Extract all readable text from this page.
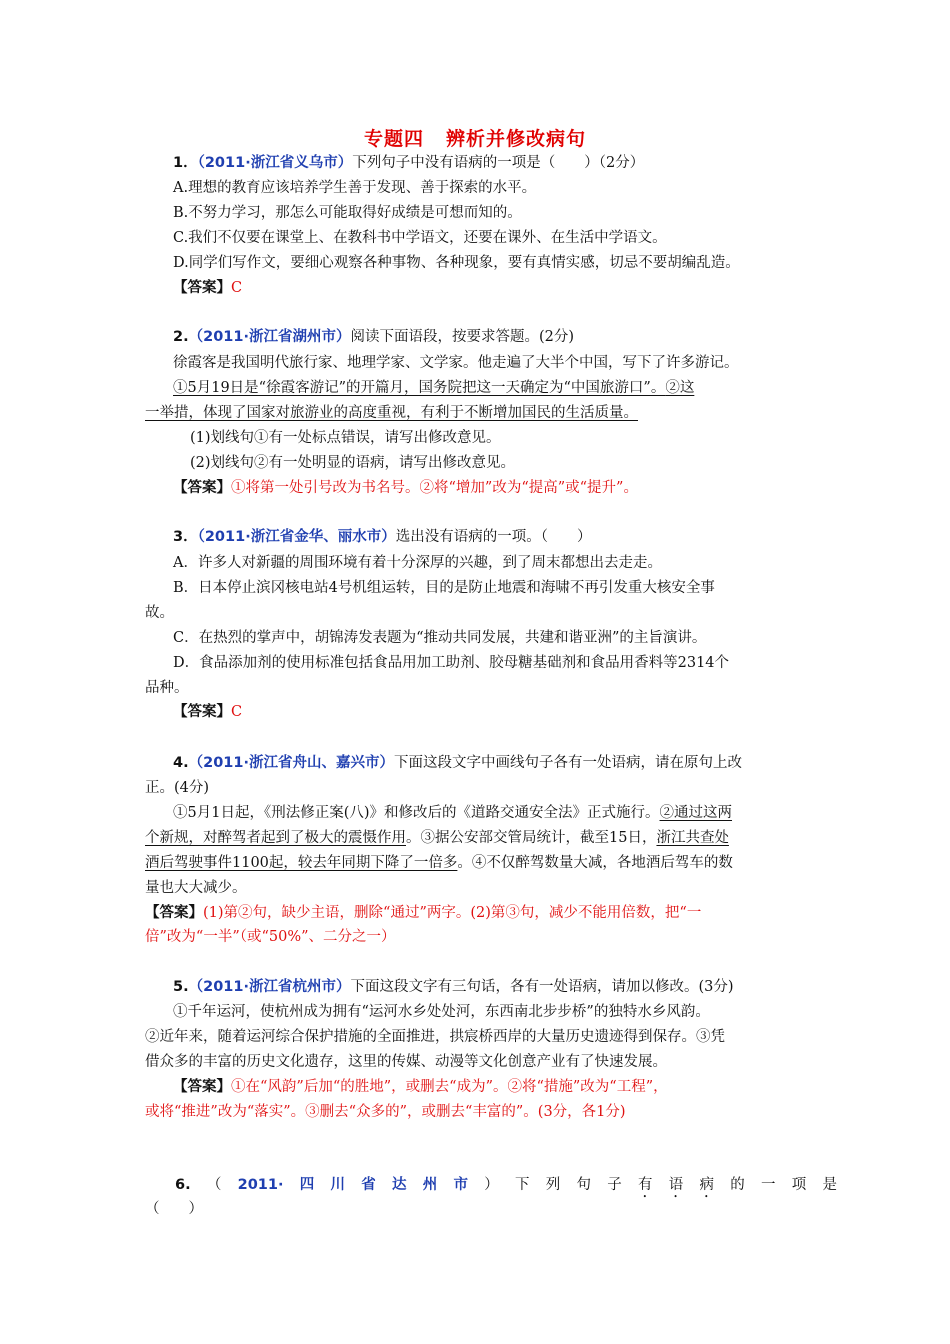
专题四 辨析并修改病句
1．（2011·浙江省义乌市）下列句子中没有语病的一项是（　　）（2分）
A.理想的教育应该培养学生善于发现、善于探索的水平。
B.不努力学习，那怎么可能取得好成绩是可想而知的。
C.我们不仅要在课堂上、在教科书中学语文，还要在课外、在生活中学语文。
D.同学们写作文，要细心观察各种事物、各种现象，要有真情实感，切忌不要胡编乱造。
【答案】C
2.（2011·浙江省湖州市）阅读下面语段，按要求答题。(2分)
徐霞客是我国明代旅行家、地理学家、文学家。他走遍了大半个中国，写下了许多游记。
①5月19日是“徐霞客游记”的开篇月，国务院把这一天确定为“中国旅游口”。②这
一举措，体现了国家对旅游业的高度重视，有利于不断增加国民的生活质量。
(1)划线句①有一处标点错误，请写出修改意见。
(2)划线句②有一处明显的语病，请写出修改意见。
【答案】①将第一处引号改为书名号。②将“增加”改为“提高”或“提升”。
3．（2011·浙江省金华、丽水市）选出没有语病的一项。（　　）
A．许多人对新疆的周围环境有着十分深厚的兴趣，到了周末都想出去走走。
B．日本停止滨冈核电站4号机组运转，目的是防止地震和海啸不再引发重大核安全事
故。
C．在热烈的掌声中，胡锦涛发表题为“推动共同发展，共建和谐亚洲”的主旨演讲。
D．食品添加剂的使用标准包括食品用加工助剂、胶母糖基础剂和食品用香料等2314个
品种。
【答案】C
4.（2011·浙江省舟山、嘉兴市）下面这段文字中画线句子各有一处语病，请在原句上改
正。(4分)
①5月1日起，《刑法修正案(八)》和修改后的《道路交通安全法》正式施行。②通过这两
个新规，对醉驾者起到了极大的震慑作用。③据公安部交管局统计，截至15日，浙江共查处
酒后驾驶事件1100起，较去年同期下降了一倍多。④不仅醉驾数量大减，各地酒后驾车的数
量也大大减少。
【答案】(1)第②句，缺少主语，删除“通过”两字。(2)第③句，减少不能用倍数，把“一
倍”改为“一半”（或“50%”、二分之一）
5.（2011·浙江省杭州市）下面这段文字有三句话，各有一处语病，请加以修改。(3分)
①千年运河，使杭州成为拥有“运河水乡处处河，东西南北步步桥”的独特水乡风韵。
②近年来，随着运河综合保护措施的全面推进，拱宸桥西岸的大量历史遗迹得到保存。③凭
借众多的丰富的历史文化遗存，这里的传媒、动漫等文化创意产业有了快速发展。
【答案】①在“风韵”后加“的胜地”，或删去“成为”。②将“措施”改为“工程”，
或将“推进”改为“落实”。③删去“众多的”，或删去“丰富的”。(3分，各1分)
6. （ 2011· 四 川 省 达 州 市 ） 下 列 句 子 有 语 病 的 一 项 是
（　　）
